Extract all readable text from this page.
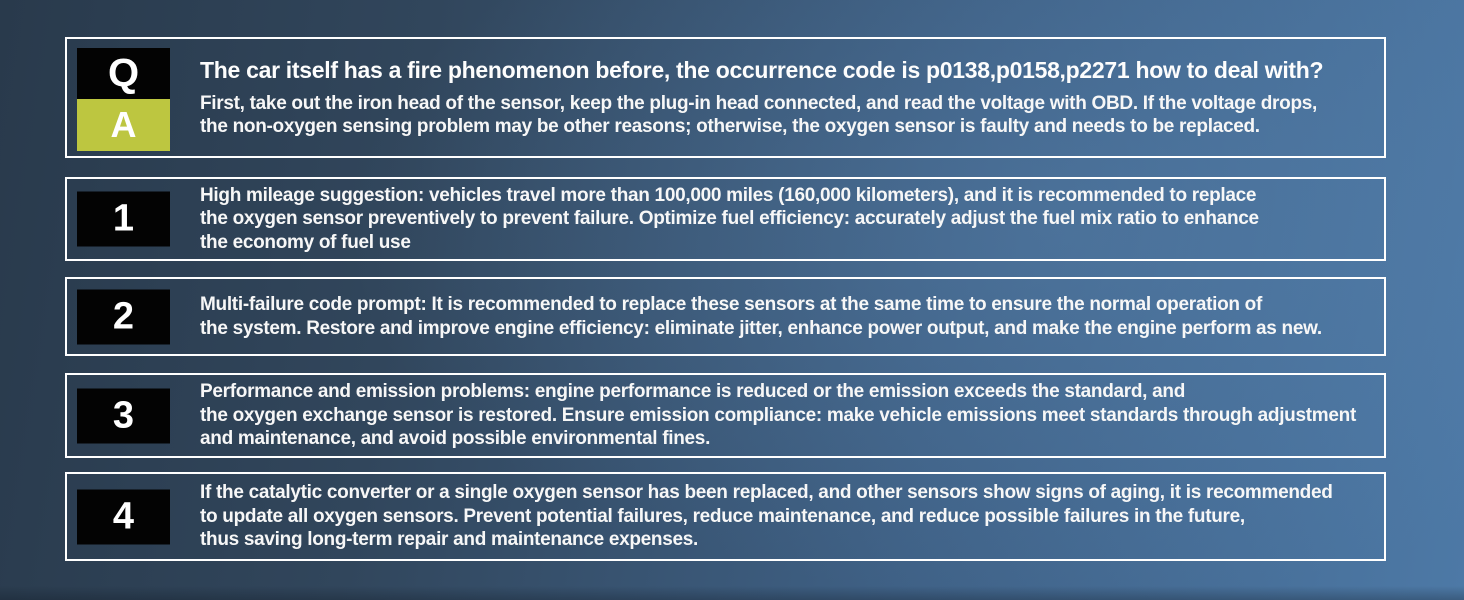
Q
A
The car itself has a fire phenomenon before, the occurrence code is p0138,p0158,p2271 how to deal with?
First, take out the iron head of the sensor, keep the plug-in head connected, and read the voltage with OBD. If the voltage drops,
the non-oxygen sensing problem may be other reasons; otherwise, the oxygen sensor is faulty and needs to be replaced.
1
High mileage suggestion: vehicles travel more than 100,000 miles (160,000 kilometers), and it is recommended to replace
the oxygen sensor preventively to prevent failure. Optimize fuel efficiency: accurately adjust the fuel mix ratio to enhance
the economy of fuel use
2	Multi-failure code prompt: It is recommended to replace these sensors at the same time to ensure the normal operation of
the system. Restore and improve engine efficiency: eliminate jitter, enhance power output, and make the engine perform as new.
3
Performance and emission problems: engine performance is reduced or the emission exceeds the standard, and
the oxygen exchange sensor is restored. Ensure emission compliance: make vehicle emissions meet standards through adjustment
and maintenance, and avoid possible environmental fines.
4
If the catalytic converter or a single oxygen sensor has been replaced, and other sensors show signs of aging, it is recommended
to update all oxygen sensors. Prevent potential failures, reduce maintenance, and reduce possible failures in the future,
thus saving long-term repair and maintenance expenses.
